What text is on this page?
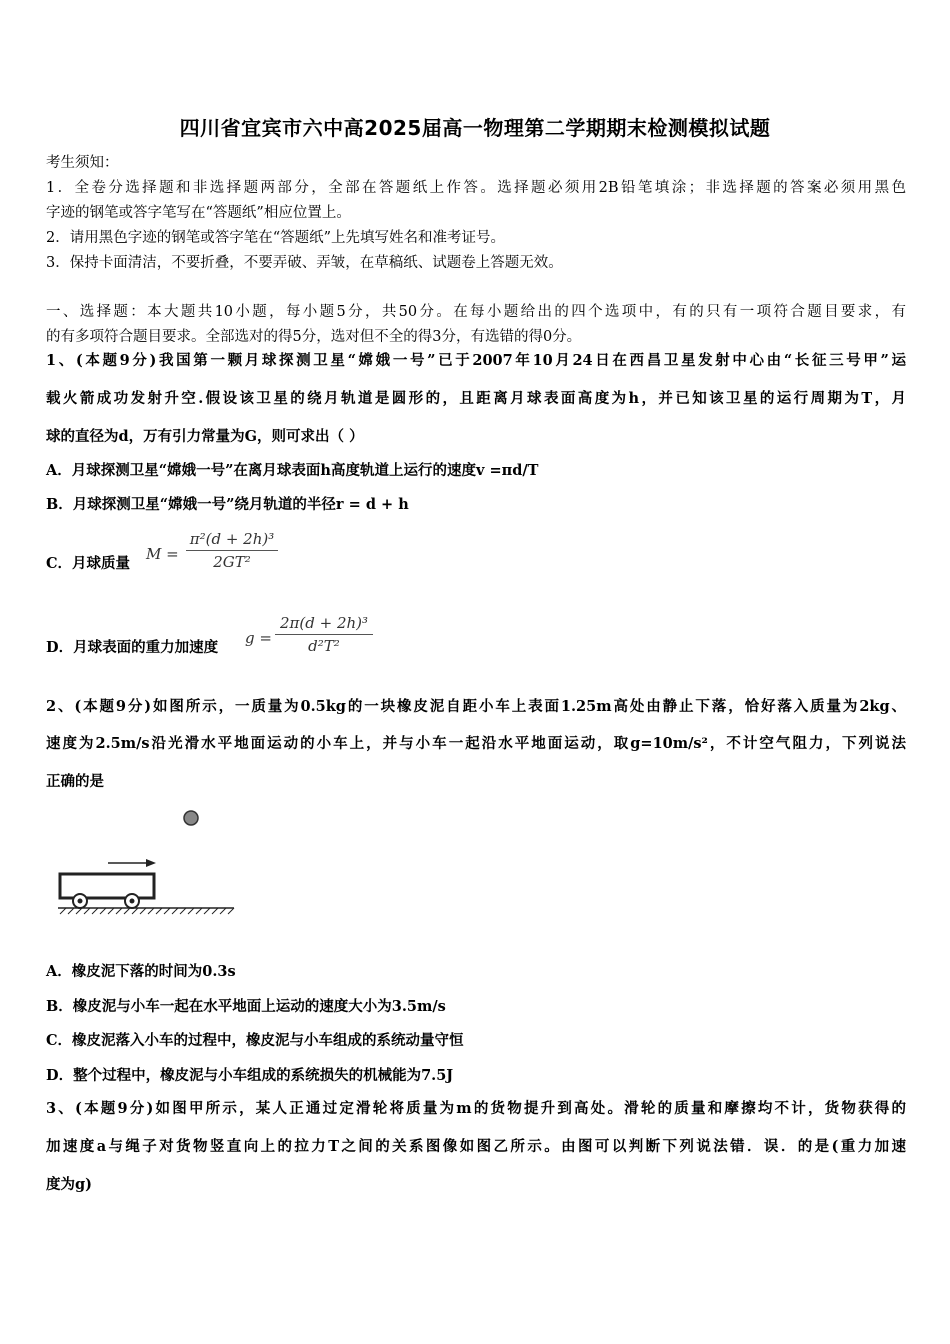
四川省宜宾市六中高2025届高一物理第二学期期末检测模拟试题
考生须知：
1．全卷分选择题和非选择题两部分，全部在答题纸上作答。选择题必须用2B铅笔填涂；非选择题的答案必须用黑色
字迹的钢笔或答字笔写在“答题纸”相应位置上。
2．请用黑色字迹的钢笔或答字笔在“答题纸”上先填写姓名和准考证号。
3．保持卡面清洁，不要折叠，不要弄破、弄皱，在草稿纸、试题卷上答题无效。
一、选择题：本大题共10小题，每小题5分，共50分。在每小题给出的四个选项中，有的只有一项符合题目要求，有
的有多项符合题目要求。全部选对的得5分，选对但不全的得3分，有选错的得0分。
1、(本题9分)我国第一颗月球探测卫星“嫦娥一号”已于2007年10月24日在西昌卫星发射中心由“长征三号甲”运
载火箭成功发射升空.假设该卫星的绕月轨道是圆形的，且距离月球表面高度为h，并已知该卫星的运行周期为T，月
球的直径为d，万有引力常量为G，则可求出（ ）
A．月球探测卫星“嫦娥一号”在离月球表面h高度轨道上运行的速度v =πd/T
B．月球探测卫星“嫦娥一号”绕月轨道的半径r = d + h
C．月球质量
M =
π²(d + 2h)³
2GT²
D．月球表面的重力加速度
g =
2π(d + 2h)³
d²T²
2、(本题9分)如图所示，一质量为0.5kg的一块橡皮泥自距小车上表面1.25m高处由静止下落，恰好落入质量为2kg、
速度为2.5m/s沿光滑水平地面运动的小车上，并与小车一起沿水平地面运动，取g=10m/s²，不计空气阻力，下列说法
正确的是
A．橡皮泥下落的时间为0.3s
B．橡皮泥与小车一起在水平地面上运动的速度大小为3.5m/s
C．橡皮泥落入小车的过程中，橡皮泥与小车组成的系统动量守恒
D．整个过程中，橡皮泥与小车组成的系统损失的机械能为7.5J
3、(本题9分)如图甲所示，某人正通过定滑轮将质量为m的货物提升到高处。滑轮的质量和摩擦均不计，货物获得的
加速度a与绳子对货物竖直向上的拉力T之间的关系图像如图乙所示。由图可以判断下列说法错．误．的是(重力加速
度为g)
